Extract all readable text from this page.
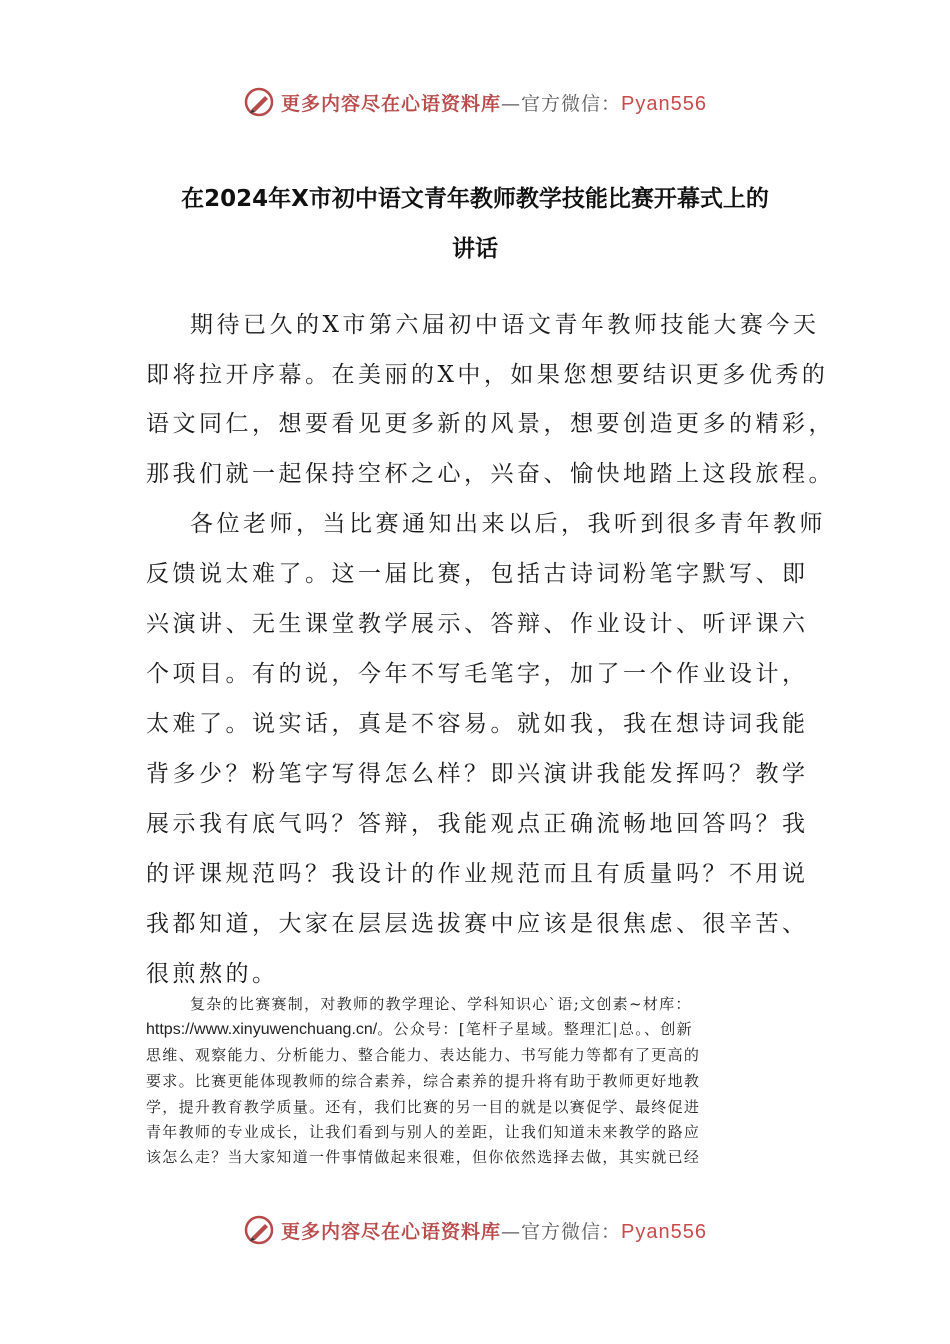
更多内容尽在心语资料库—官方微信：Pyan556
在2024年X市初中语文青年教师教学技能比赛开幕式上的
讲话
期待已久的X市第六届初中语文青年教师技能大赛今天
即将拉开序幕。在美丽的X中，如果您想要结识更多优秀的
语文同仁，想要看见更多新的风景，想要创造更多的精彩，
那我们就一起保持空杯之心，兴奋、愉快地踏上这段旅程。
各位老师，当比赛通知出来以后，我听到很多青年教师
反馈说太难了。这一届比赛，包括古诗词粉笔字默写、即
兴演讲、无生课堂教学展示、答辩、作业设计、听评课六
个项目。有的说，今年不写毛笔字，加了一个作业设计，
太难了。说实话，真是不容易。就如我，我在想诗词我能
背多少？粉笔字写得怎么样？即兴演讲我能发挥吗？教学
展示我有底气吗？答辩，我能观点正确流畅地回答吗？我
的评课规范吗？我设计的作业规范而且有质量吗？不用说
我都知道，大家在层层选拔赛中应该是很焦虑、很辛苦、
很煎熬的。
复杂的比赛赛制，对教师的教学理论、学科知识心`语;文创素~材库：
https://www.xinyuwenchuang.cn/。公众号：[笔杆子星域。整理汇|总。、创新
思维、观察能力、分析能力、整合能力、表达能力、书写能力等都有了更高的
要求。比赛更能体现教师的综合素养，综合素养的提升将有助于教师更好地教
学，提升教育教学质量。还有，我们比赛的另一目的就是以赛促学、最终促进
青年教师的专业成长，让我们看到与别人的差距，让我们知道未来教学的路应
该怎么走？当大家知道一件事情做起来很难，但你依然选择去做，其实就已经
更多内容尽在心语资料库—官方微信：Pyan556
